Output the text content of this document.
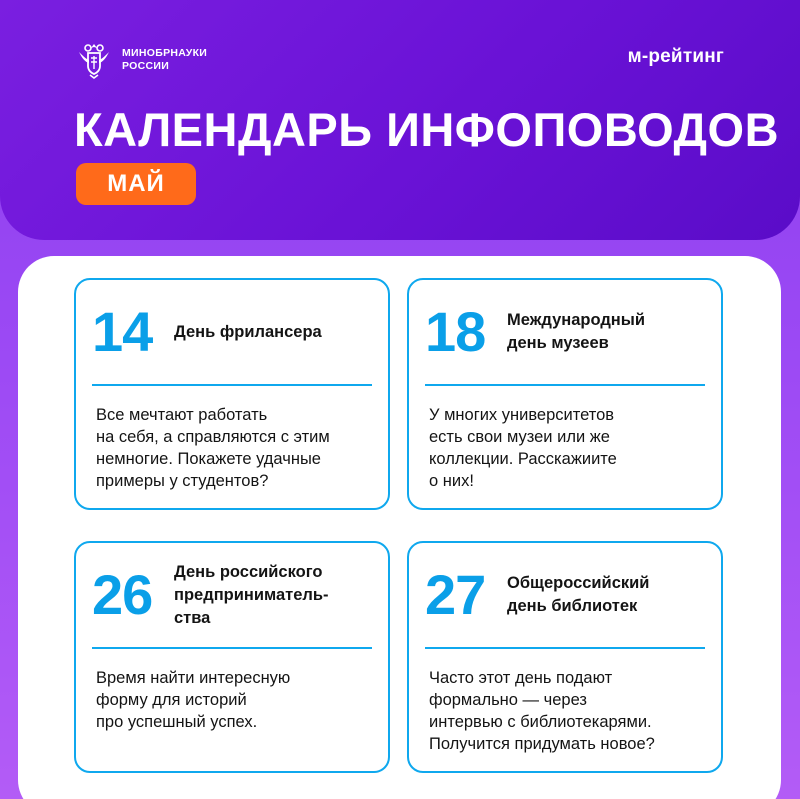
МИНОБРНАУКИ
РОССИИ	м-рейтинг
КАЛЕНДАРЬ ИНФОПОВОДОВ
МАЙ
14 День фрилансера
Все мечтают работать
на себя, а справляются с этим
немногие. Покажете удачные
примеры у студентов?
18 Международный
день музеев
У многих университетов
есть свои музеи или же
коллекции. Расскажиите
о них!
26 День российского
предприниматель-
ства
Время найти интересную
форму для историй
про успешный успех.
27 Общероссийский
день библиотек
Часто этот день подают
формально — через
интервью с библиотекарями.
Получится придумать новое?
